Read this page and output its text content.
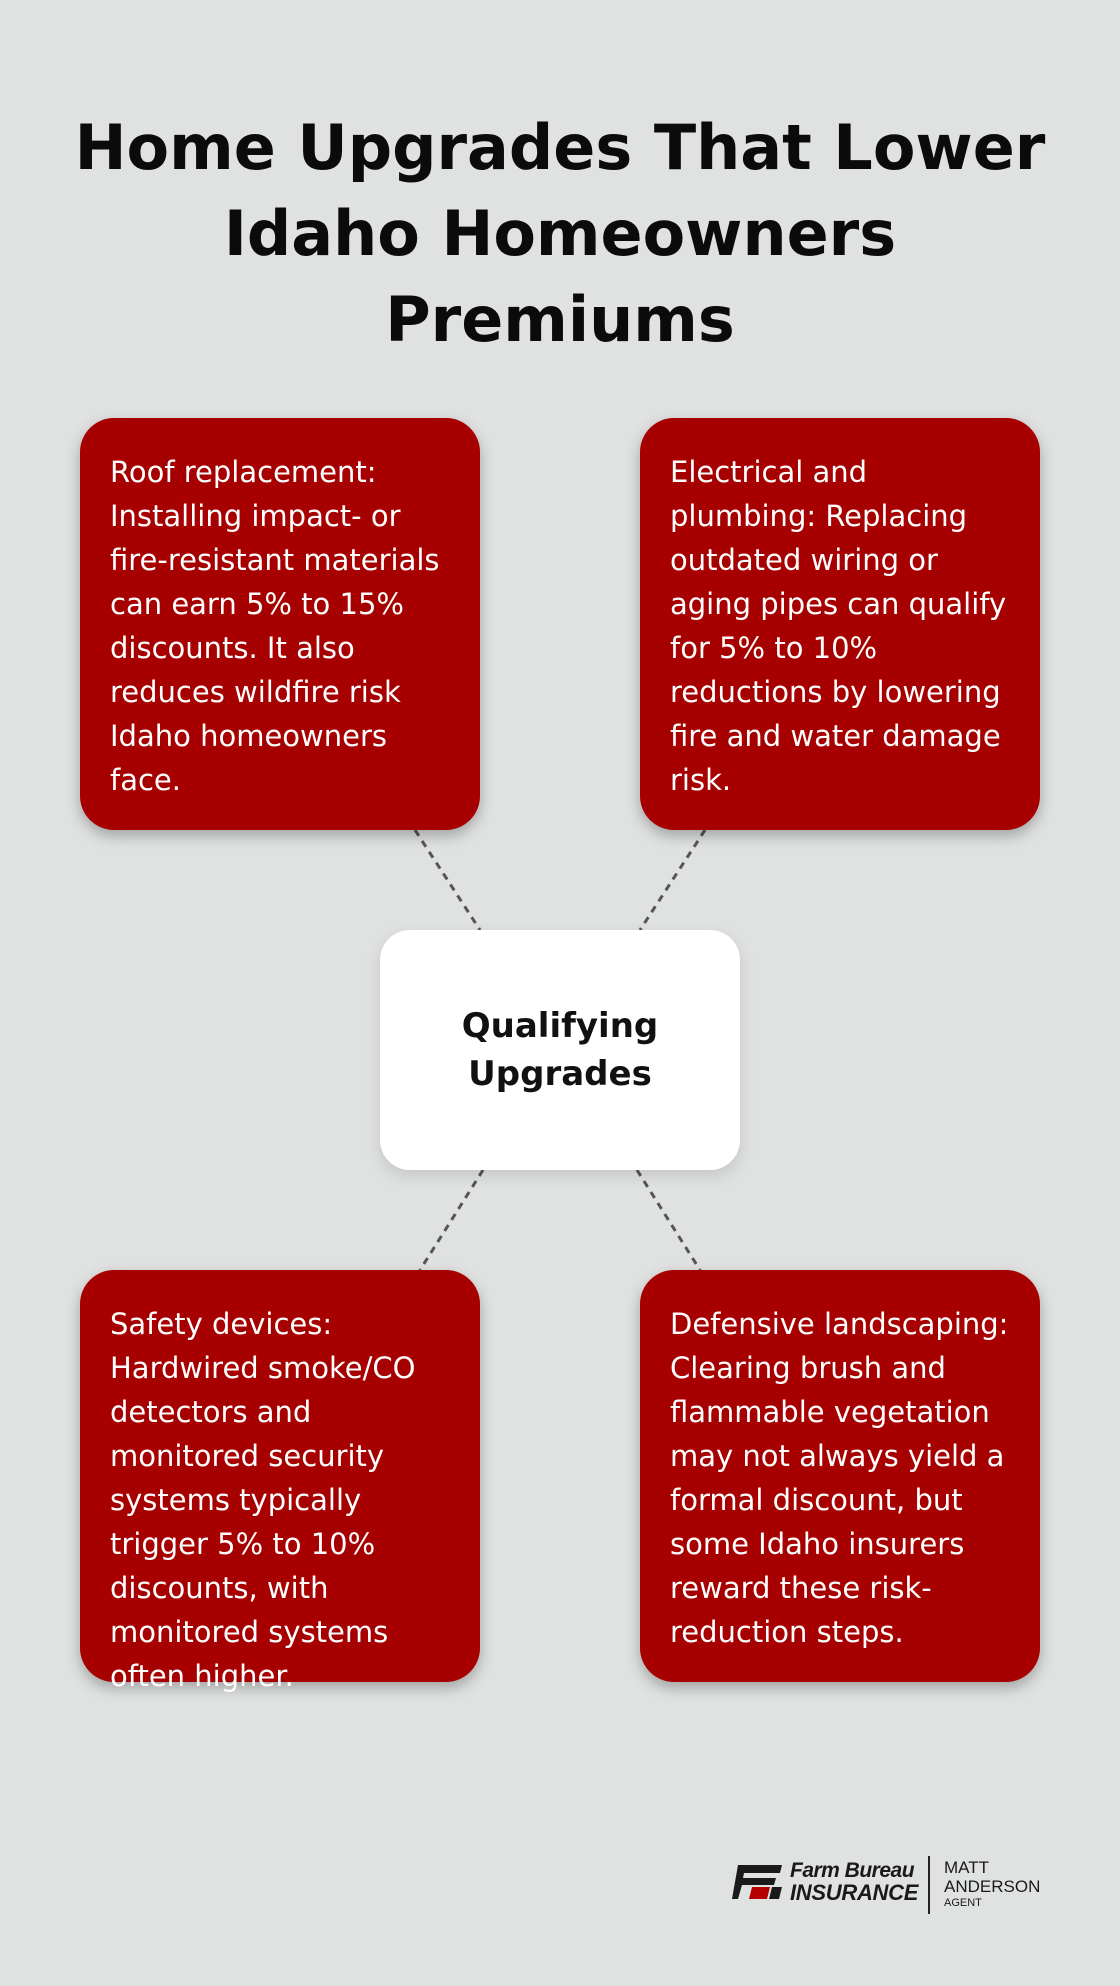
Home Upgrades That Lower Idaho Homeowners Premiums

Roof replacement: Installing impact- or fire-resistant materials can earn 5% to 15% discounts. It also reduces wildfire risk Idaho homeowners face.

Electrical and plumbing: Replacing outdated wiring or aging pipes can qualify for 5% to 10% reductions by lowering fire and water damage risk.

Qualifying Upgrades

Safety devices: Hardwired smoke/CO detectors and monitored security systems typically trigger 5% to 10% discounts, with monitored systems often higher.

Defensive landscaping: Clearing brush and flammable vegetation may not always yield a formal discount, but some Idaho insurers reward these risk-reduction steps.

Farm Bureau
INSURANCE
MATT
ANDERSON
AGENT
